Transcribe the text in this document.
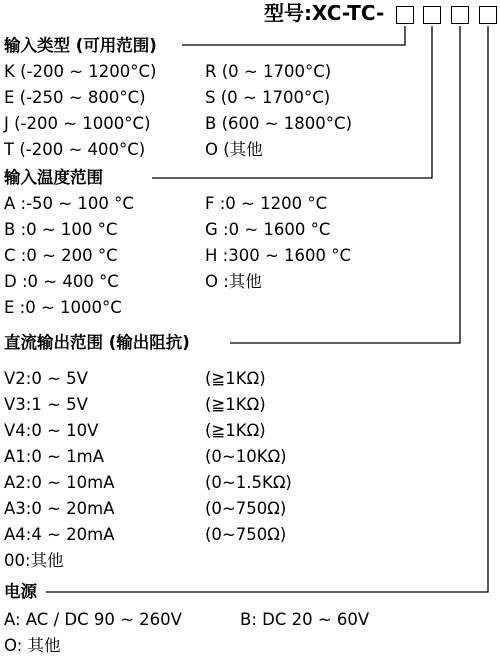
型号:XC-TC-
输入类型 (可用范围)
K (-200 ~ 1200°C)
E (-250 ~ 800°C)
J (-200 ~ 1000°C)
T (-200 ~ 400°C)
R (0 ~ 1700°C)
S (0 ~ 1700°C)
B (600 ~ 1800°C)
O (其他
输入温度范围
A :-50 ~ 100 °C
B :0 ~ 100 °C
C :0 ~ 200 °C
D :0 ~ 400 °C
E :0 ~ 1000°C
F :0 ~ 1200 °C
G :0 ~ 1600 °C
H :300 ~ 1600 °C
O :其他
直流输出范围 (输出阻抗)
V2:0 ~ 5V
V3:1 ~ 5V
V4:0 ~ 10V
A1:0 ~ 1mA
A2:0 ~ 10mA
A3:0 ~ 20mA
A4:4 ~ 20mA
00:其他
(≧1KΩ)
(≧1KΩ)
(≧1KΩ)
(0~10KΩ)
(0~1.5KΩ)
(0~750Ω)
(0~750Ω)
电源
A: AC / DC 90 ~ 260V	B: DC 20 ~ 60V
O: 其他
